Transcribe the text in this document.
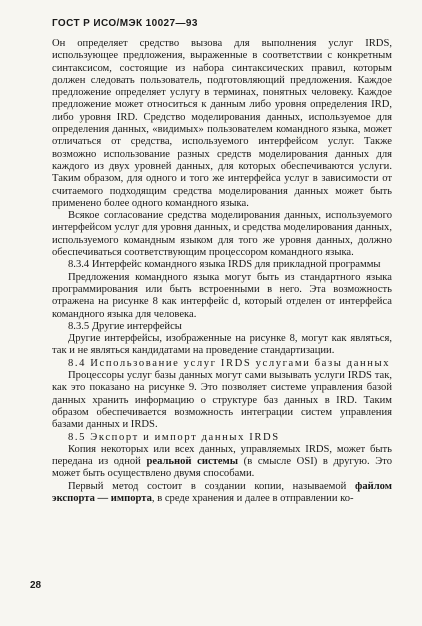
ГОСТ Р ИСО/МЭК 10027—93

Он определяет средство вызова для выполнения услуг IRDS, использующее предложения, выраженные в соответствии с конкретным синтаксисом, состоящие из набора синтаксических правил, которым должен следовать пользователь, подготовляющий предложения. Каждое предложение определяет услугу в терминах, понятных человеку. Каждое предложение может относиться к данным либо уровня определения IRD, либо уровня IRD. Средство моделирования данных, используемое для определения данных, «видимых» пользователем командного языка, может отличаться от средства, используемого интерфейсом услуг. Также возможно использование разных средств моделирования данных для каждого из двух уровней данных, для которых обеспечиваются услуги. Таким образом, для одного и того же интерфейса услуг в зависимости от считаемого подходящим средства моделирования данных может быть применено более одного командного языка.

Всякое согласование средства моделирования данных, используемого интерфейсом услуг для уровня данных, и средства моделирования данных, используемого командным языком для того же уровня данных, должно обеспечиваться соответствующим процессором командного языка.

8.3.4 Интерфейс командного языка IRDS для прикладной программы

Предложения командного языка могут быть из стандартного языка программирования или быть встроенными в него. Эта возможность отражена на рисунке 8 как интерфейс d, который отделен от интерфейса командного языка для человека.

8.3.5 Другие интерфейсы

Другие интерфейсы, изображенные на рисунке 8, могут как являться, так и не являться кандидатами на проведение стандартизации.

8.4 Использование услуг IRDS услугами базы данных

Процессоры услуг базы данных могут сами вызывать услуги IRDS так, как это показано на рисунке 9. Это позволяет системе управления базой данных хранить информацию о структуре баз данных в IRD. Таким образом обеспечивается возможность интеграции систем управления базами данных и IRDS.

8.5 Экспорт и импорт данных IRDS

Копия некоторых или всех данных, управляемых IRDS, может быть передана из одной реальной системы (в смысле OSI) в другую. Это может быть осуществлено двумя способами.

Первый метод состоит в создании копии, называемой файлом экспорта — импорта, в среде хранения и далее в отправлении ко-

28
